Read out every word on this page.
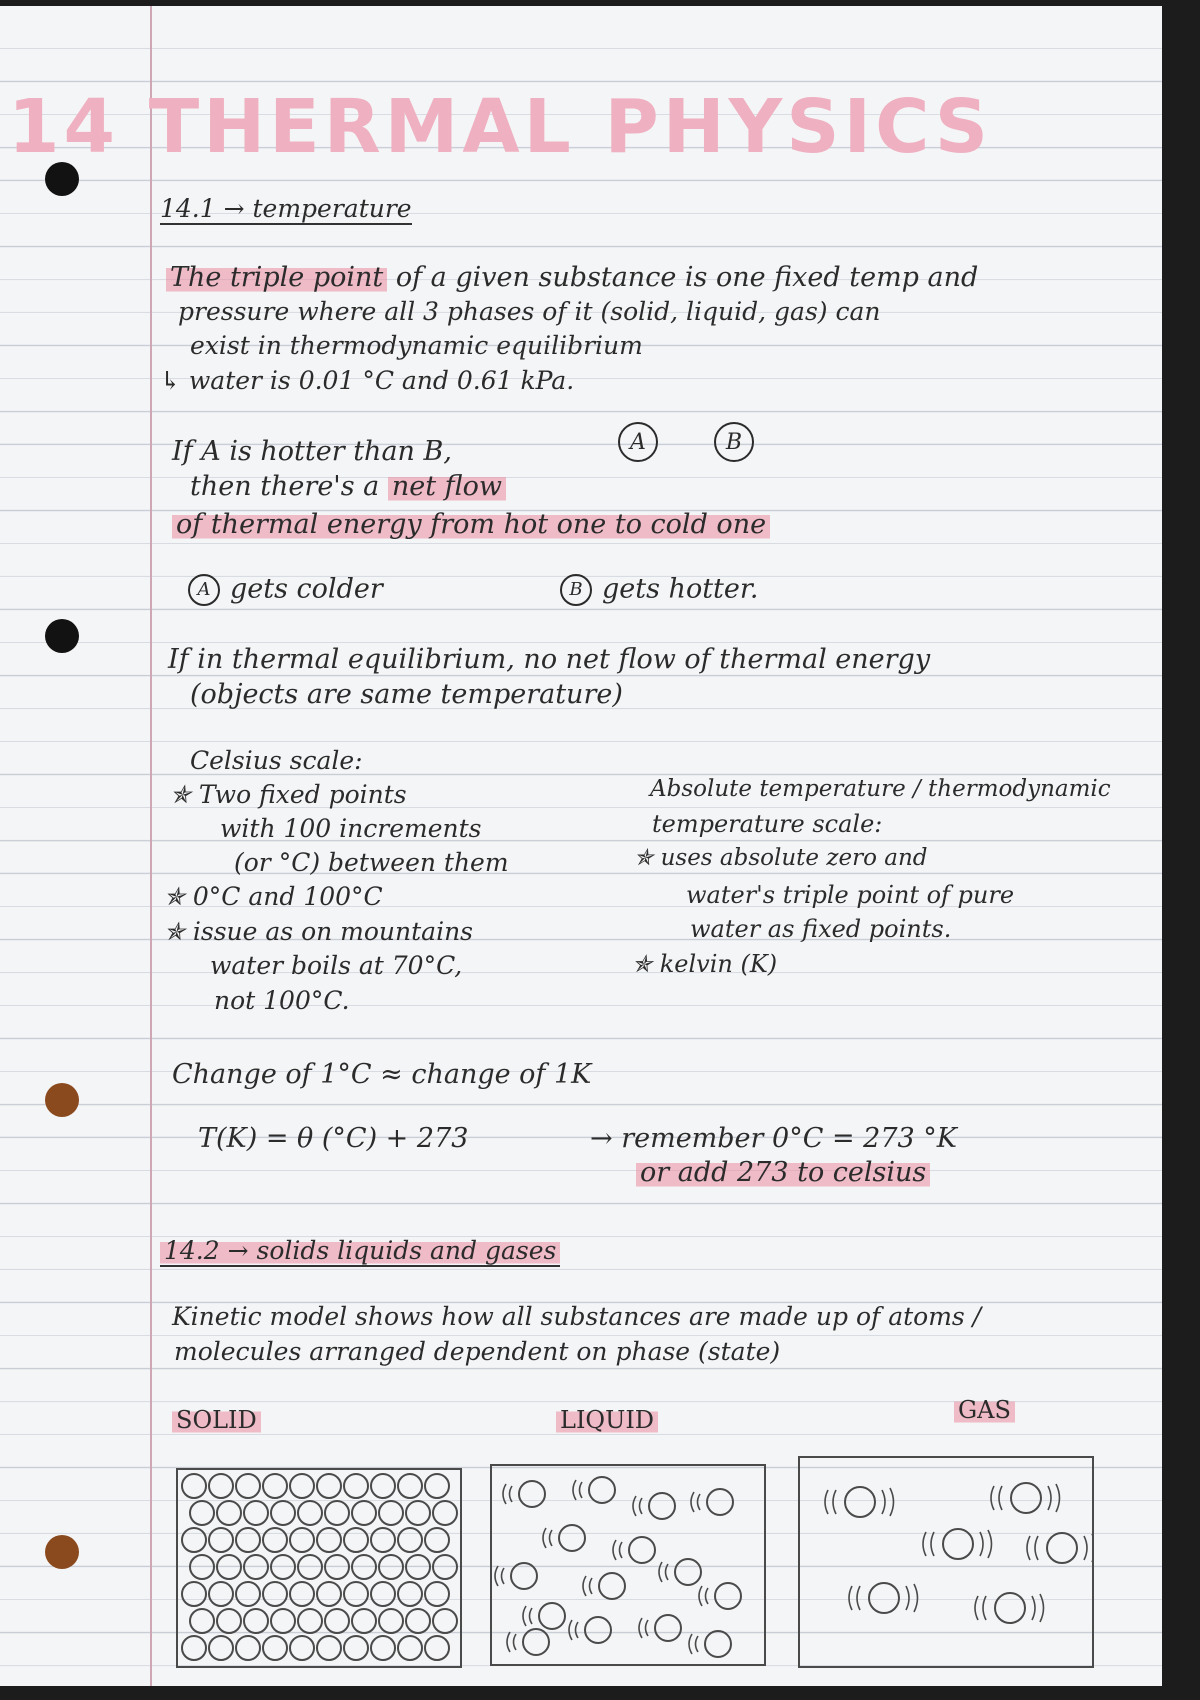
14 THERMAL PHYSICS

14.1 → temperature

The triple point of a given substance is one fixed temp and

pressure where all 3 phases of it (solid, liquid, gas) can

exist in thermodynamic equilibrium

↳ water is 0.01 °C and 0.61 kPa.

If A is hotter than B,	A	B

then there's a net flow

of thermal energy from hot one to cold one

A gets colder	B gets hotter.

If in thermal equilibrium, no net flow of thermal energy

(objects are same temperature)

Celsius scale:

✯ Two fixed points

with 100 increments

(or °C) between them

✯ 0°C and 100°C

✯ issue as on mountains

water boils at 70°C,

not 100°C.

Absolute temperature / thermodynamic

temperature scale:

✯ uses absolute zero and

water's triple point of pure

water as fixed points.

✯ kelvin (K)

Change of 1°C ≈ change of 1K

T(K) = θ (°C) + 273	→ remember 0°C = 273 °K

or add 273 to celsius

14.2 → solids liquids and gases

Kinetic model shows how all substances are made up of atoms /

molecules arranged dependent on phase (state)

SOLID	LIQUID	GAS
